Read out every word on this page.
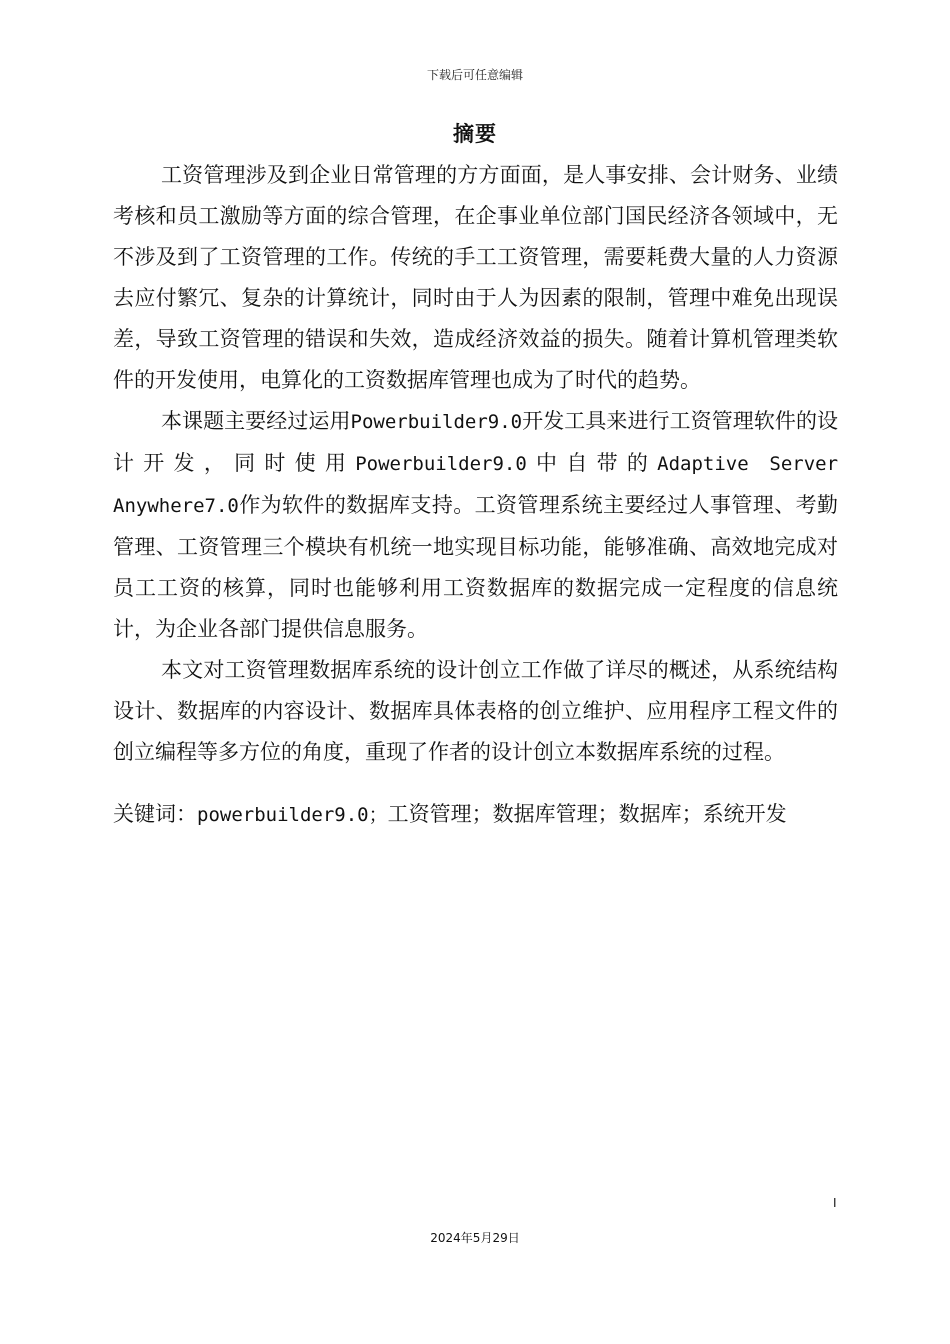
下载后可任意编辑
摘要

工资管理涉及到企业日常管理的方方面面，是人事安排、会计财务、业绩考核和员工激励等方面的综合管理，在企事业单位部门国民经济各领域中，无不涉及到了工资管理的工作。传统的手工工资管理，需要耗费大量的人力资源去应付繁冗、复杂的计算统计，同时由于人为因素的限制，管理中难免出现误差，导致工资管理的错误和失效，造成经济效益的损失。随着计算机管理类软件的开发使用，电算化的工资数据库管理也成为了时代的趋势。

本课题主要经过运用Powerbuilder9.0开发工具来进行工资管理软件的设计开发，同时使用Powerbuilder9.0中自带的Adaptive Server Anywhere7.0作为软件的数据库支持。工资管理系统主要经过人事管理、考勤管理、工资管理三个模块有机统一地实现目标功能，能够准确、高效地完成对员工工资的核算，同时也能够利用工资数据库的数据完成一定程度的信息统计，为企业各部门提供信息服务。

本文对工资管理数据库系统的设计创立工作做了详尽的概述，从系统结构设计、数据库的内容设计、数据库具体表格的创立维护、应用程序工程文件的创立编程等多方位的角度，重现了作者的设计创立本数据库系统的过程。

关键词：powerbuilder9.0；工资管理；数据库管理；数据库；系统开发

I
2024年5月29日
